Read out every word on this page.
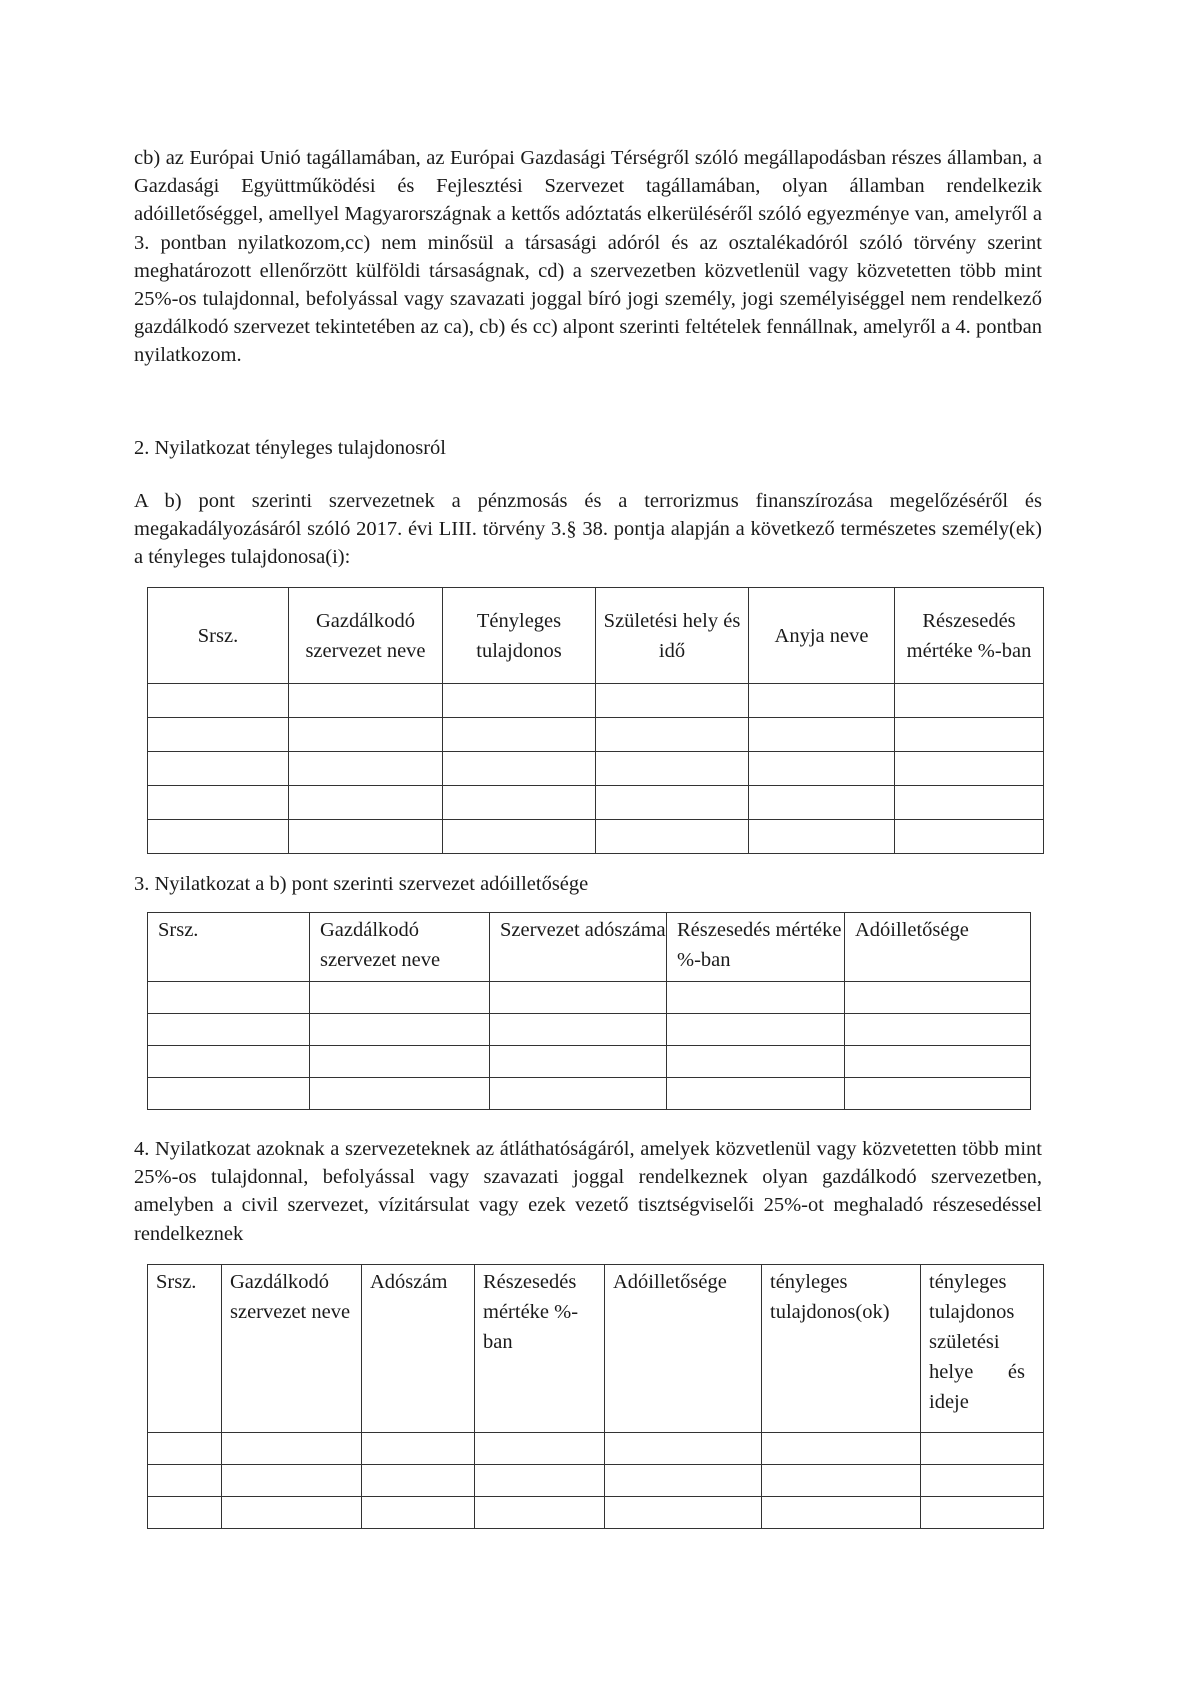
cb) az Európai Unió tagállamában, az Európai Gazdasági Térségről szóló megállapodásban részes államban, a Gazdasági Együttműködési és Fejlesztési Szervezet tagállamában, olyan államban rendelkezik adóilletőséggel, amellyel Magyarországnak a kettős adóztatás elkerüléséről szóló egyezménye van, amelyről a 3. pontban nyilatkozom,cc) nem minősül a társasági adóról és az osztalékadóról szóló törvény szerint meghatározott ellenőrzött külföldi társaságnak, cd) a szervezetben közvetlenül vagy közvetetten több mint 25%-os tulajdonnal, befolyással vagy szavazati joggal bíró jogi személy, jogi személyiséggel nem rendelkező gazdálkodó szervezet tekintetében az ca), cb) és cc) alpont szerinti feltételek fennállnak, amelyről a 4. pontban nyilatkozom.

2. Nyilatkozat tényleges tulajdonosról

A b) pont szerinti szervezetnek a pénzmosás és a terrorizmus finanszírozása megelőzéséről és megakadályozásáról szóló 2017. évi LIII. törvény 3.§ 38. pontja alapján a következő természetes személy(ek) a tényleges tulajdonosa(i):

Srsz.	Gazdálkodó szervezet neve	Tényleges tulajdonos	Születési hely és idő	Anyja neve	Részesedés mértéke %-ban

3. Nyilatkozat a b) pont szerinti szervezet adóilletősége

Srsz.	Gazdálkodó szervezet neve	Szervezet adószáma	Részesedés mértéke %-ban	Adóilletősége

4. Nyilatkozat azoknak a szervezeteknek az átláthatóságáról, amelyek közvetlenül vagy közvetetten több mint 25%-os tulajdonnal, befolyással vagy szavazati joggal rendelkeznek olyan gazdálkodó szervezetben, amelyben a civil szervezet, vízitársulat vagy ezek vezető tisztségviselői 25%-ot meghaladó részesedéssel rendelkeznek

Srsz.	Gazdálkodó szervezet neve	Adószám	Részesedés mértéke %-ban	Adóilletősége	tényleges tulajdonos(ok)	tényleges tulajdonos születési helye és ideje
